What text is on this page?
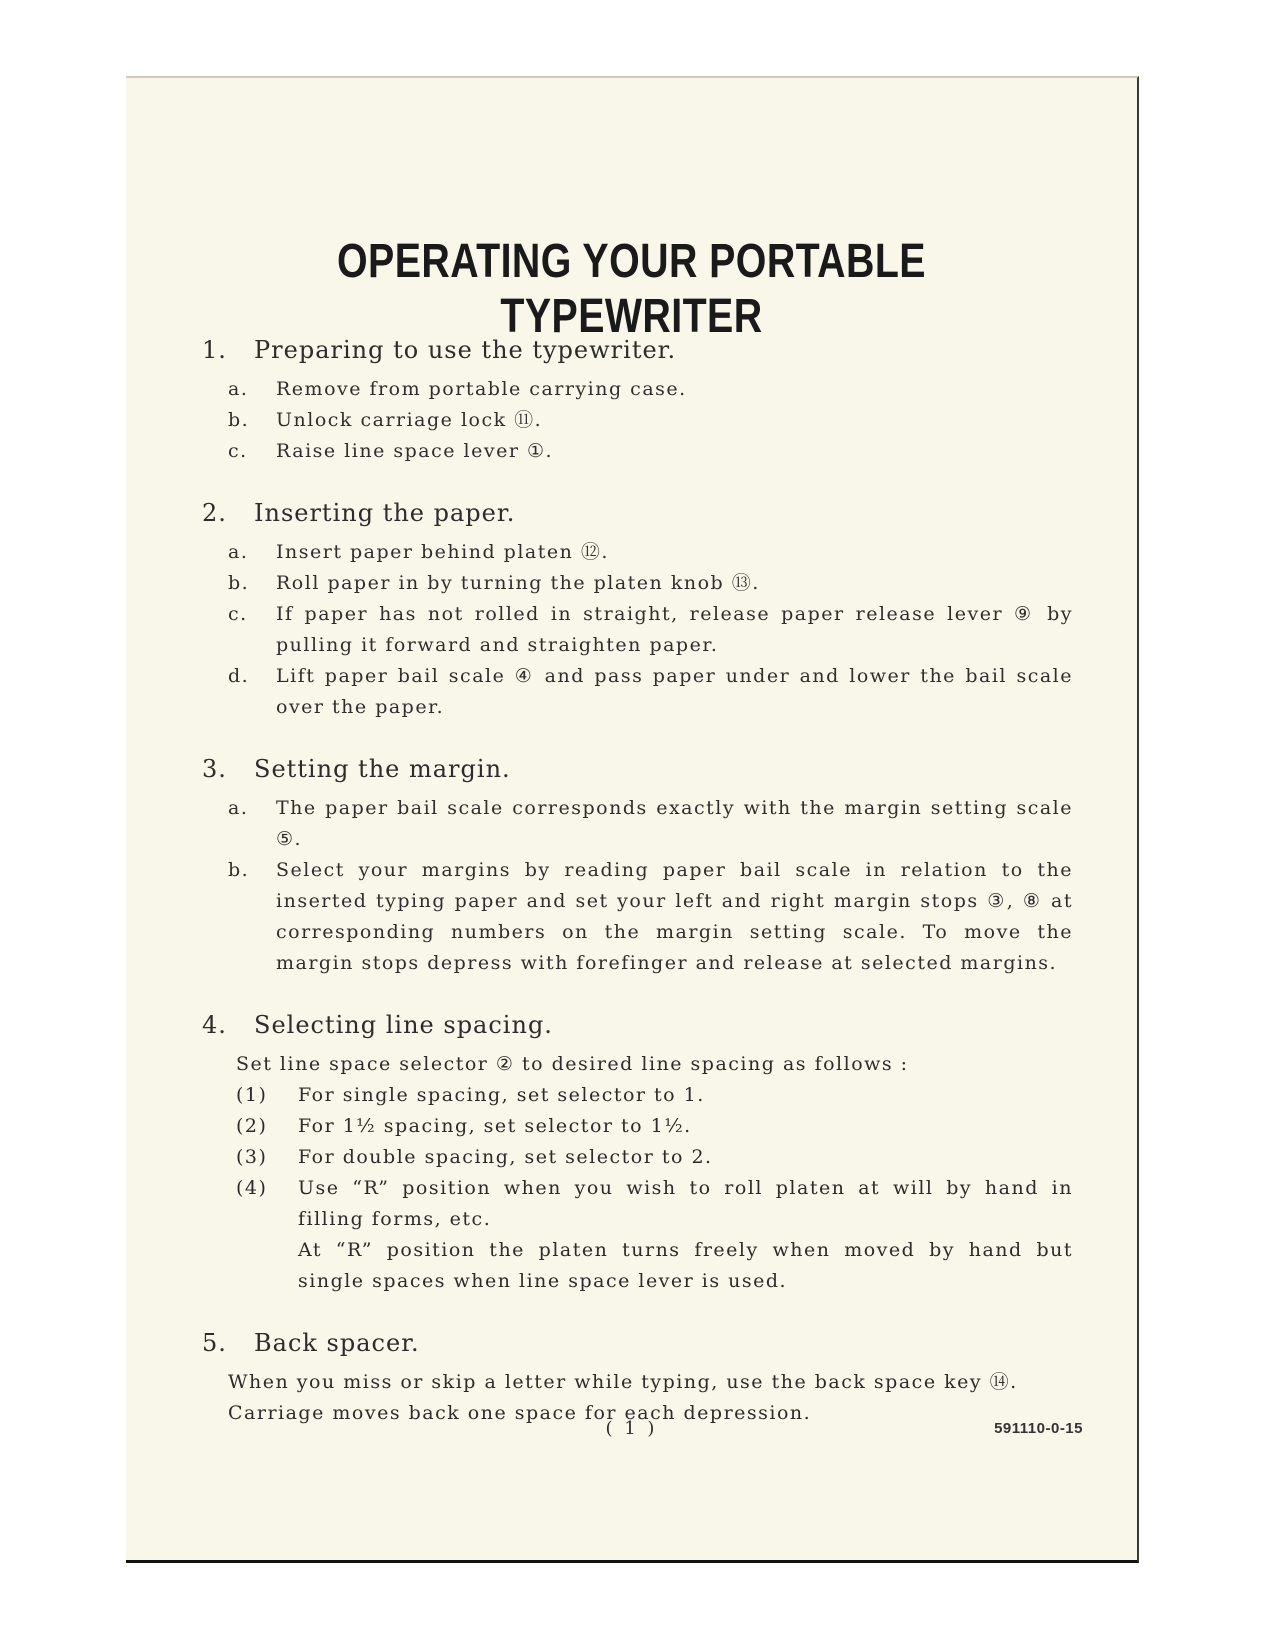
OPERATING YOUR PORTABLE TYPEWRITER
1.	Preparing to use the typewriter.
a.	Remove from portable carrying case.
b.	Unlock carriage lock ⑪.
c.	Raise line space lever ①.
2.	Inserting the paper.
a.	Insert paper behind platen ⑫.
b.	Roll paper in by turning the platen knob ⑬.
c.	If paper has not rolled in straight, release paper release lever ⑨ by pulling it forward and straighten paper.
d.	Lift paper bail scale ④ and pass paper under and lower the bail scale over the paper.
3.	Setting the margin.
a.	The paper bail scale corresponds exactly with the margin setting scale ⑤.
b.	Select your margins by reading paper bail scale in relation to the inserted typing paper and set your left and right margin stops ③, ⑧ at corresponding numbers on the margin setting scale. To move the margin stops depress with forefinger and release at selected margins.
4.	Selecting line spacing.
Set line space selector ② to desired line spacing as follows :
(1)	For single spacing, set selector to 1.
(2)	For 1½ spacing, set selector to 1½.
(3)	For double spacing, set selector to 2.
(4)	Use “R” position when you wish to roll platen at will by hand in filling forms, etc.
At “R” position the platen turns freely when moved by hand but single spaces when line space lever is used.
5.	Back spacer.
When you miss or skip a letter while typing, use the back space key ⑭. Carriage moves back one space for each depression.
( 1 )	591110-0-15
